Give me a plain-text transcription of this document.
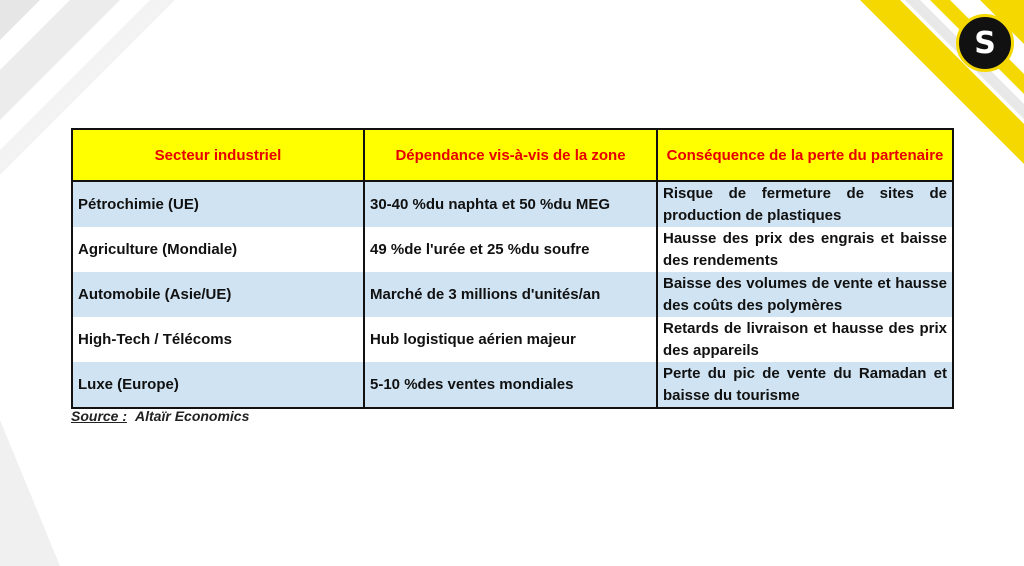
S
Secteur industriel	Dépendance vis-à-vis de la zone	Conséquence de la perte du partenaire
Pétrochimie (UE)	30-40 %du naphta et 50 %du MEG	Risque de fermeture de sites de production de plastiques
Agriculture (Mondiale)	49 %de l'urée et 25 %du soufre	Hausse des prix des engrais et baisse des rendements
Automobile (Asie/UE)	Marché de 3 millions d'unités/an	Baisse des volumes de vente et hausse des coûts des polymères
High-Tech / Télécoms	Hub logistique aérien majeur	Retards de livraison et hausse des prix des appareils
Luxe (Europe)	5-10 %des ventes mondiales	Perte du pic de vente du Ramadan et baisse du tourisme
Source : Altaïr Economics
